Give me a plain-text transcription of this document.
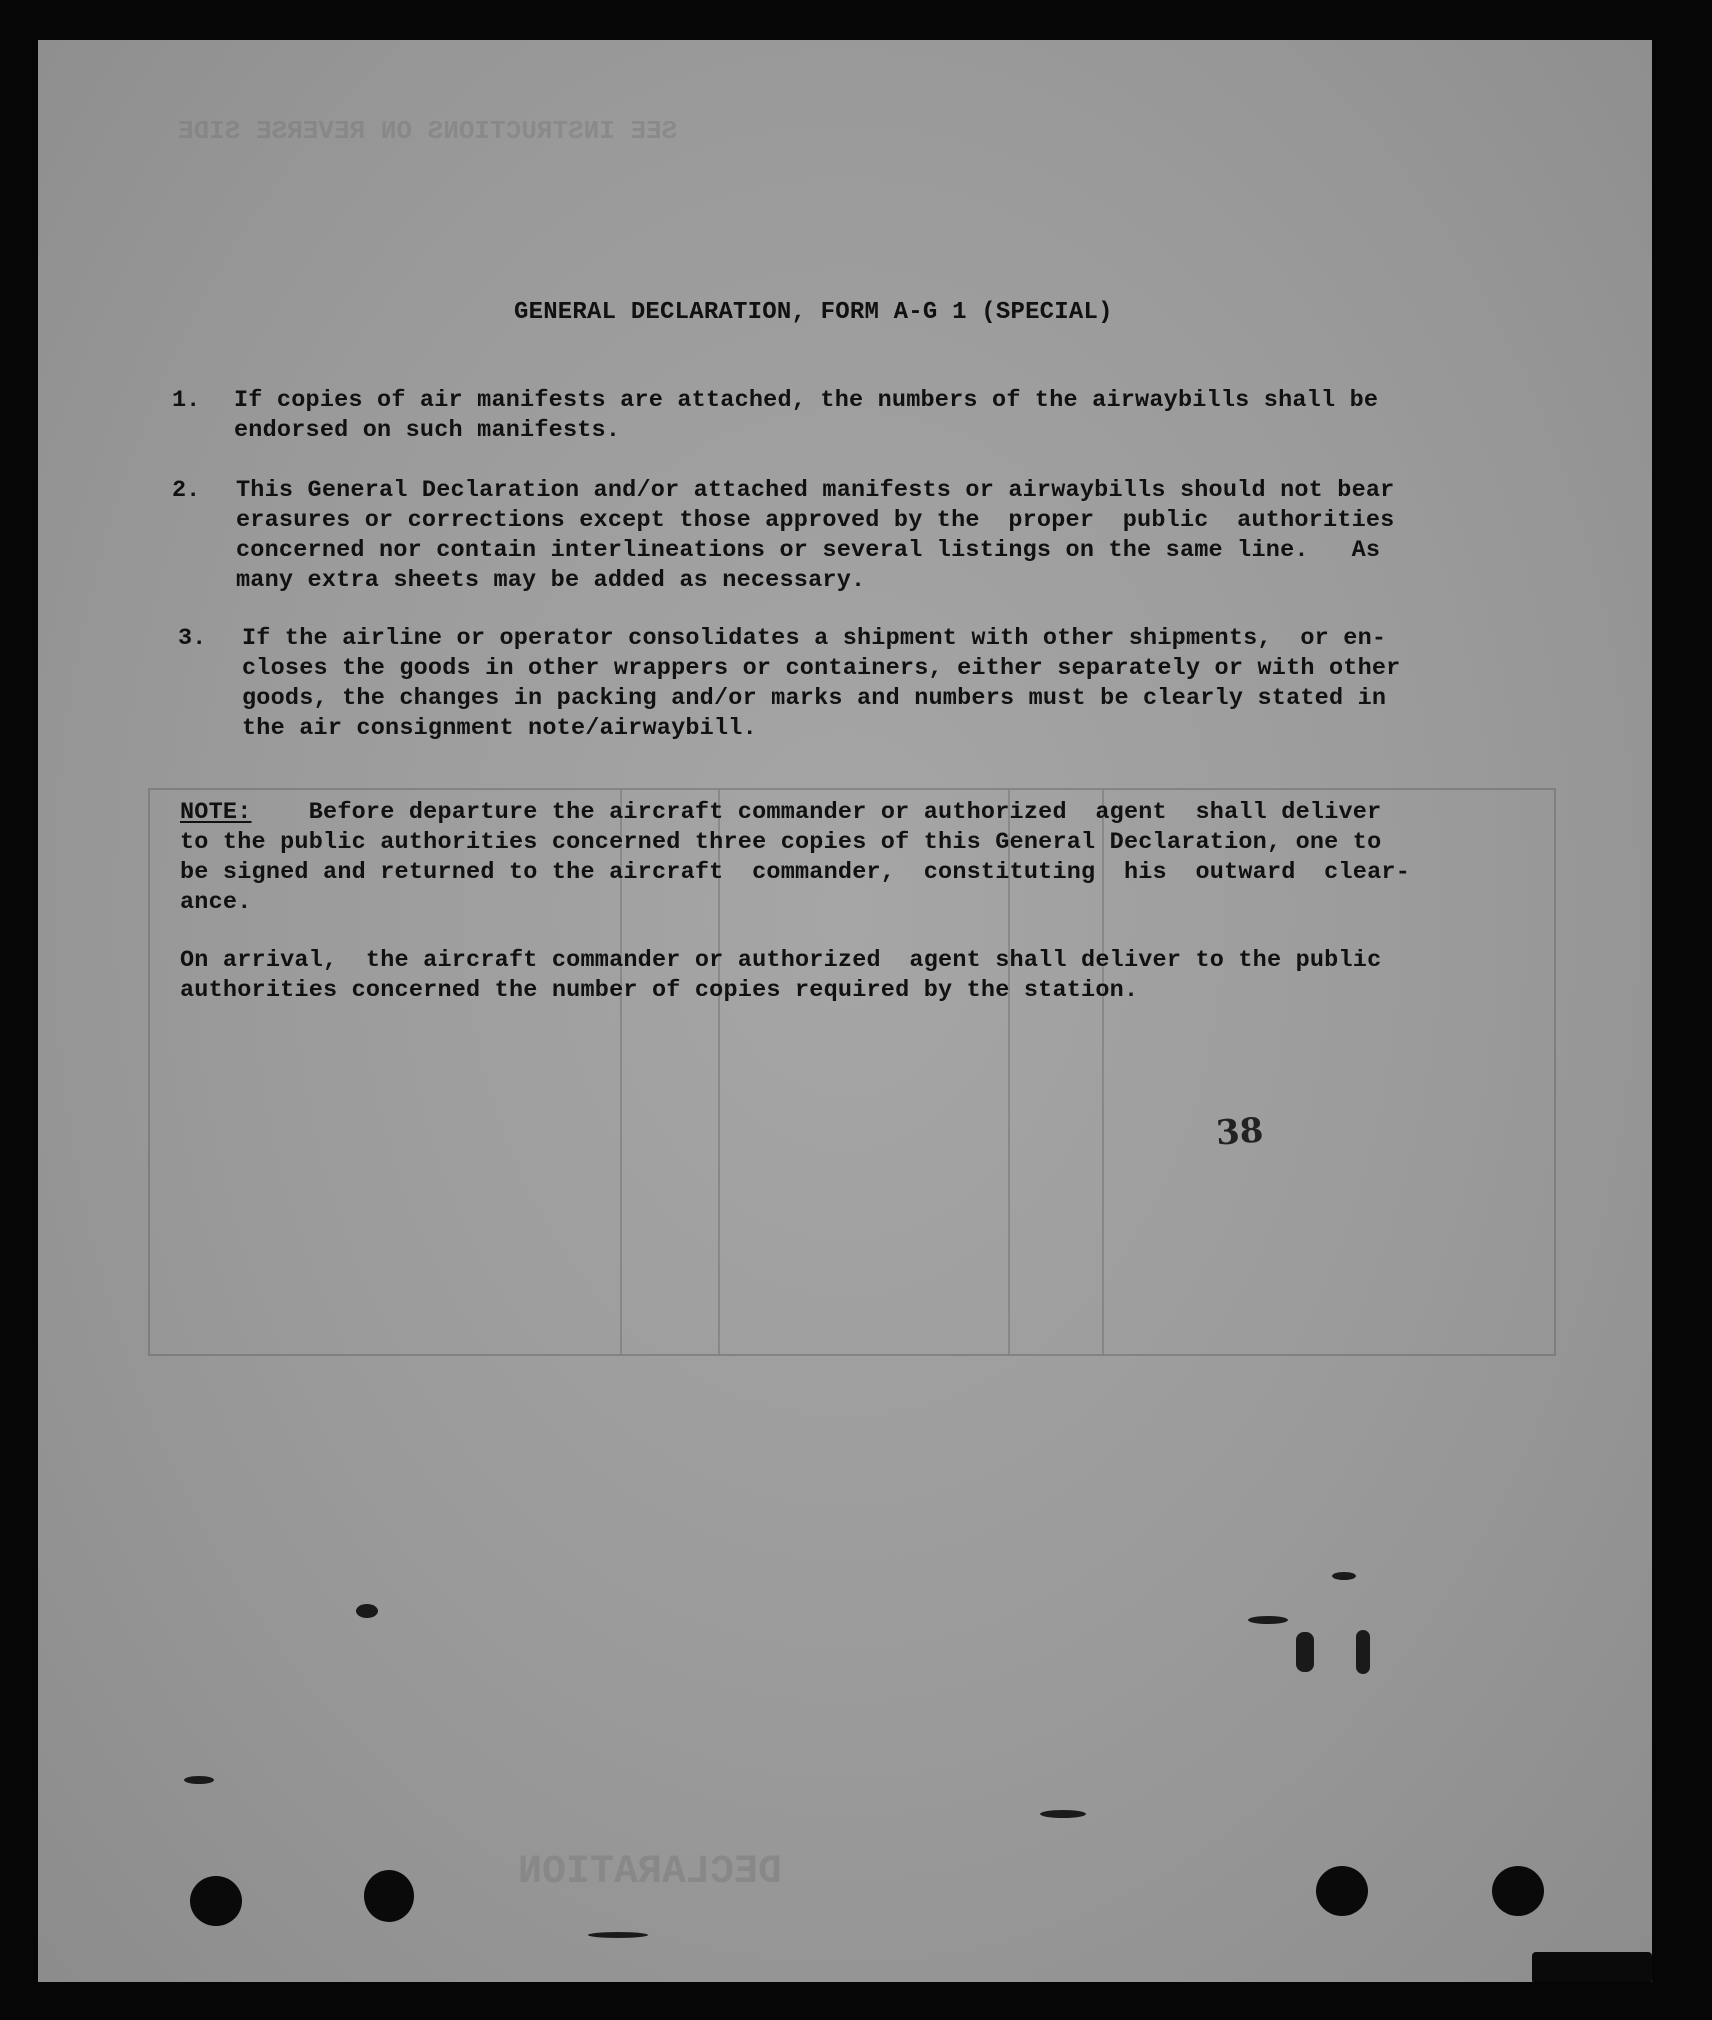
SEE INSTRUCTIONS ON REVERSE SIDE
DECLARATION
GENERAL DECLARATION, FORM A-G 1 (SPECIAL)
1. If copies of air manifests are attached, the numbers of the airwaybills shall be
endorsed on such manifests.
2. This General Declaration and/or attached manifests or airwaybills should not bear
erasures or corrections except those approved by the  proper  public  authorities
concerned nor contain interlineations or several listings on the same line.   As
many extra sheets may be added as necessary.
3. If the airline or operator consolidates a shipment with other shipments,  or en-
closes the goods in other wrappers or containers, either separately or with other
goods, the changes in packing and/or marks and numbers must be clearly stated in
the air consignment note/airwaybill.
NOTE:    Before departure the aircraft commander or authorized  agent  shall deliver
to the public authorities concerned three copies of this General Declaration, one to
be signed and returned to the aircraft  commander,  constituting  his  outward  clear-
ance.
On arrival,  the aircraft commander or authorized  agent shall deliver to the public
authorities concerned the number of copies required by the station.
38
